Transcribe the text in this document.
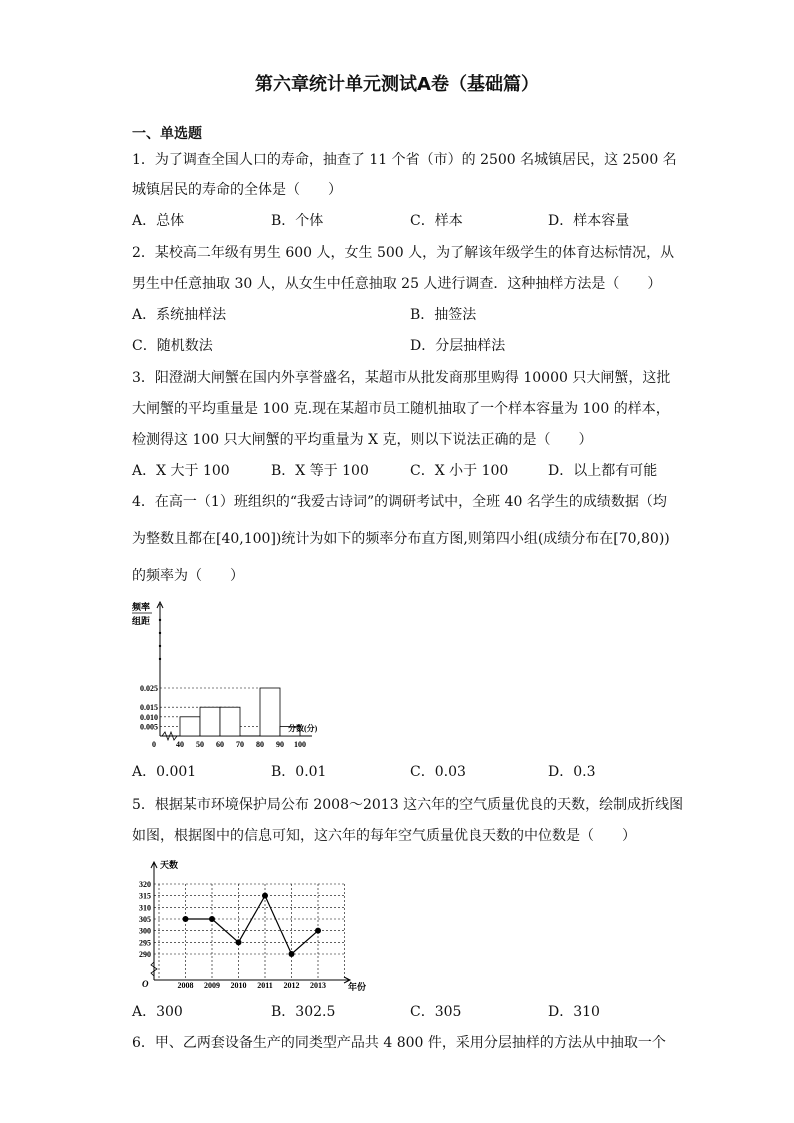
第六章统计单元测试A卷（基础篇）
一、单选题
1．为了调查全国人口的寿命，抽查了 11 个省（市）的 2500 名城镇居民，这 2500 名
城镇居民的寿命的全体是（　　）
A．总体	B．个体	C．样本	D．样本容量
2．某校高二年级有男生 600 人，女生 500 人，为了解该年级学生的体育达标情况，从
男生中任意抽取 30 人，从女生中任意抽取 25 人进行调查．这种抽样方法是（　　）
A．系统抽样法	B．抽签法
C．随机数法	D．分层抽样法
3．阳澄湖大闸蟹在国内外享誉盛名，某超市从批发商那里购得 10000 只大闸蟹，这批
大闸蟹的平均重量是 100 克.现在某超市员工随机抽取了一个样本容量为 100 的样本，
检测得这 100 只大闸蟹的平均重量为 X 克，则以下说法正确的是（　　）
A．X 大于 100	B．X 等于 100	C．X 小于 100	D．以上都有可能
4．在高一（1）班组织的“我爱古诗词”的调研考试中，全班 40 名学生的成绩数据（均
为整数且都在[40,100])统计为如下的频率分布直方图,则第四小组(成绩分布在[70,80))
的频率为（　　）
频率
组距
0
0.025
0.015
0.010
0.005
40 50 60 70 80 90 100
分数(分)
A．0.001	B．0.01	C．0.03	D．0.3
5．根据某市环境保护局公布 2008～2013 这六年的空气质量优良的天数，绘制成折线图
如图，根据图中的信息可知，这六年的每年空气质量优良天数的中位数是（　　）
天数
O
320
315
310
305
300
295
290
2008 2009 2010 2011 2012 2013 年份
A．300	B．302.5	C．305	D．310
6．甲、乙两套设备生产的同类型产品共 4 800 件，采用分层抽样的方法从中抽取一个
